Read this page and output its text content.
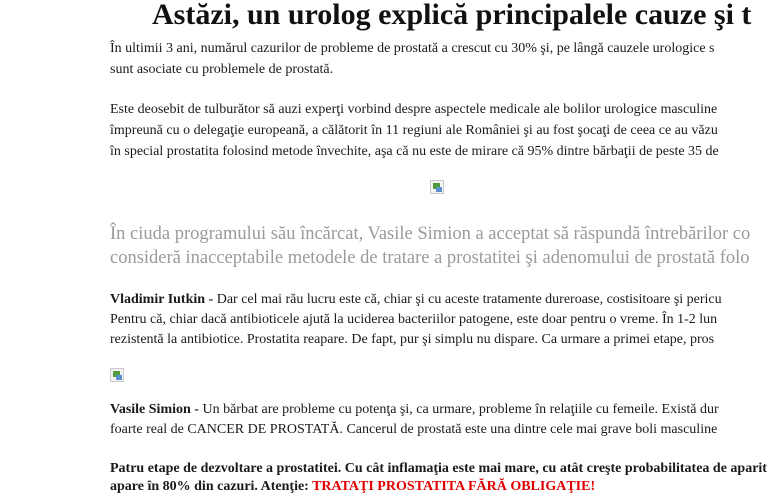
Astăzi, un urolog explică principalele cauze şi t
În ultimii 3 ani, numărul cazurilor de probleme de prostată a crescut cu 30% şi, pe lângă cauzele urologice s
sunt asociate cu problemele de prostată.
Este deosebit de tulburător să auzi experţi vorbind despre aspectele medicale ale bolilor urologice masculine
împreună cu o delegaţie europeană, a călătorit în 11 regiuni ale României şi au fost şocaţi de ceea ce au văzu
în special prostatita folosind metode învechite, aşa că nu este de mirare că 95% dintre bărbaţii de peste 35 de
În ciuda programului său încărcat, Vasile Simion a acceptat să răspundă întrebărilor co
consideră inacceptabile metodele de tratare a prostatitei şi adenomului de prostată folo
Vladimir Iutkin - Dar cel mai rău lucru este că, chiar şi cu aceste tratamente dureroase, costisitoare şi pericu
Pentru că, chiar dacă antibioticele ajută la uciderea bacteriilor patogene, este doar pentru o vreme. În 1-2 lun
rezistentă la antibiotice. Prostatita reapare. De fapt, pur şi simplu nu dispare. Ca urmare a primei etape, pros
Vasile Simion - Un bărbat are probleme cu potenţa şi, ca urmare, probleme în relaţiile cu femeile. Există dur
foarte real de CANCER DE PROSTATĂ. Cancerul de prostată este una dintre cele mai grave boli masculine
Patru etape de dezvoltare a prostatitei. Cu cât inflamaţia este mai mare, cu atât creşte probabilitatea de aparit
apare în 80% din cazuri. Atenţie: TRATAŢI PROSTATITA FĂRĂ OBLIGAŢIE!
